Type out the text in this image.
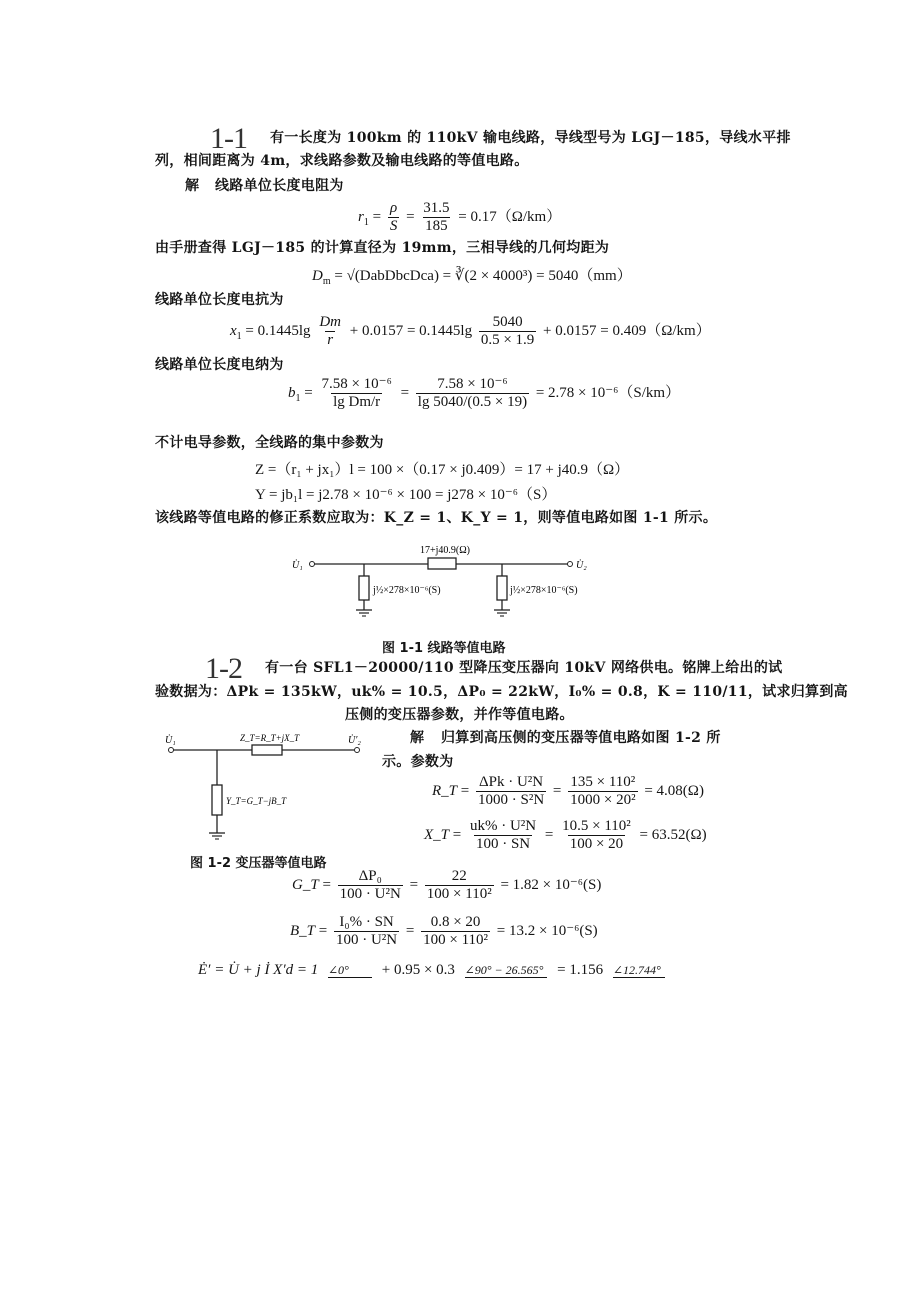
1-1 有一长度为 100km 的 110kV 输电线路，导线型号为 LGJ－185，导线水平排
列，相间距离为 4m，求线路参数及输电线路的等值电路。
解 线路单位长度电阻为
$r_1 = \frac{\rho}{S} = \frac{31.5}{185} = 0.17(\Omega/km)$
由手册查得 LGJ－185 的计算直径为 19mm，三相导线的几何均距为
$D_m$ = √(DabDbcDca) = ∛(2 × 4000³) = 5040（mm）
线路单位长度电抗为
$x_1 = 0.1445\lg \frac{Dm}{r} + 0.0157 = 0.1445\lg \frac{5040}{0.5 \times 1.9} + 0.0157 = 0.409(\Omega/km)$
线路单位长度电纳为
$b_1 = \frac{\text{7.58 × 10⁻⁶}}{\text{lg Dm/r}} = \frac{\text{7.58 × 10⁻⁶}}{\lg 5040/(0.5 \times 19)} = 2.78 \times 10^{-6}(S/km)$
不计电导参数，全线路的集中参数为
Z =（r₁ + jx₁）l = 100 ×（0.17 × j0.409）= 17 + j40.9（Ω）
Y = jb₁l = j2.78 × 10⁻⁶ × 100 = j278 × 10⁻⁶（S）
该线路等值电路的修正系数应取为：K_Z = 1、K_Y = 1，则等值电路如图 1-1 所示。
17+j40.9(Ω)
U̇₁	U̇₂
j½×278×10⁻⁶(S)	j½×278×10⁻⁶(S)
图 1-1 线路等值电路
1-2 有一台 SFL1－20000/110 型降压变压器向 10kV 网络供电。铭牌上给出的试
验数据为：ΔPk = 135kW，uk% = 10.5，ΔP₀ = 22kW，I₀% = 0.8，K = 110/11，试求归算到高
压侧的变压器参数，并作等值电路。
U̇₁	U̇′₂
Z_T=R_T+jX_T
Y_T=G_T−jB_T
图 1-2 变压器等值电路
解 归算到高压侧的变压器等值电路如图 1-2 所
示。参数为
R_T = $\frac{\text{ΔPk · U²N}}{\text{1000 · S²N}} = \frac{\text{135 × 110²}}{\text{1000 × 20²}} = 4.08(\Omega)$
X_T = $\frac{\text{uk\% · U²N}}{100 \cdot SN} = \frac{\text{10.5 × 110²}}{100 \times 20} = 63.52(\Omega)$
G_T = $\frac{\text{ΔP₀}}{\text{100 · U²N}} = \frac{22}{\text{100 × 110²}} = 1.82 \times 10^{-6}(S)$
B_T = $\frac{\text{I₀\% · SN}}{\text{100 · U²N}} = \frac{0.8 \times 20}{\text{100 × 110²}} = 13.2 \times 10^{-6}(S)$
Ė′ = U̇ + j İ X′d = 1 ∠0° + 0.95 × 0.3 ∠90° − 26.565° = 1.156 ∠12.744°
